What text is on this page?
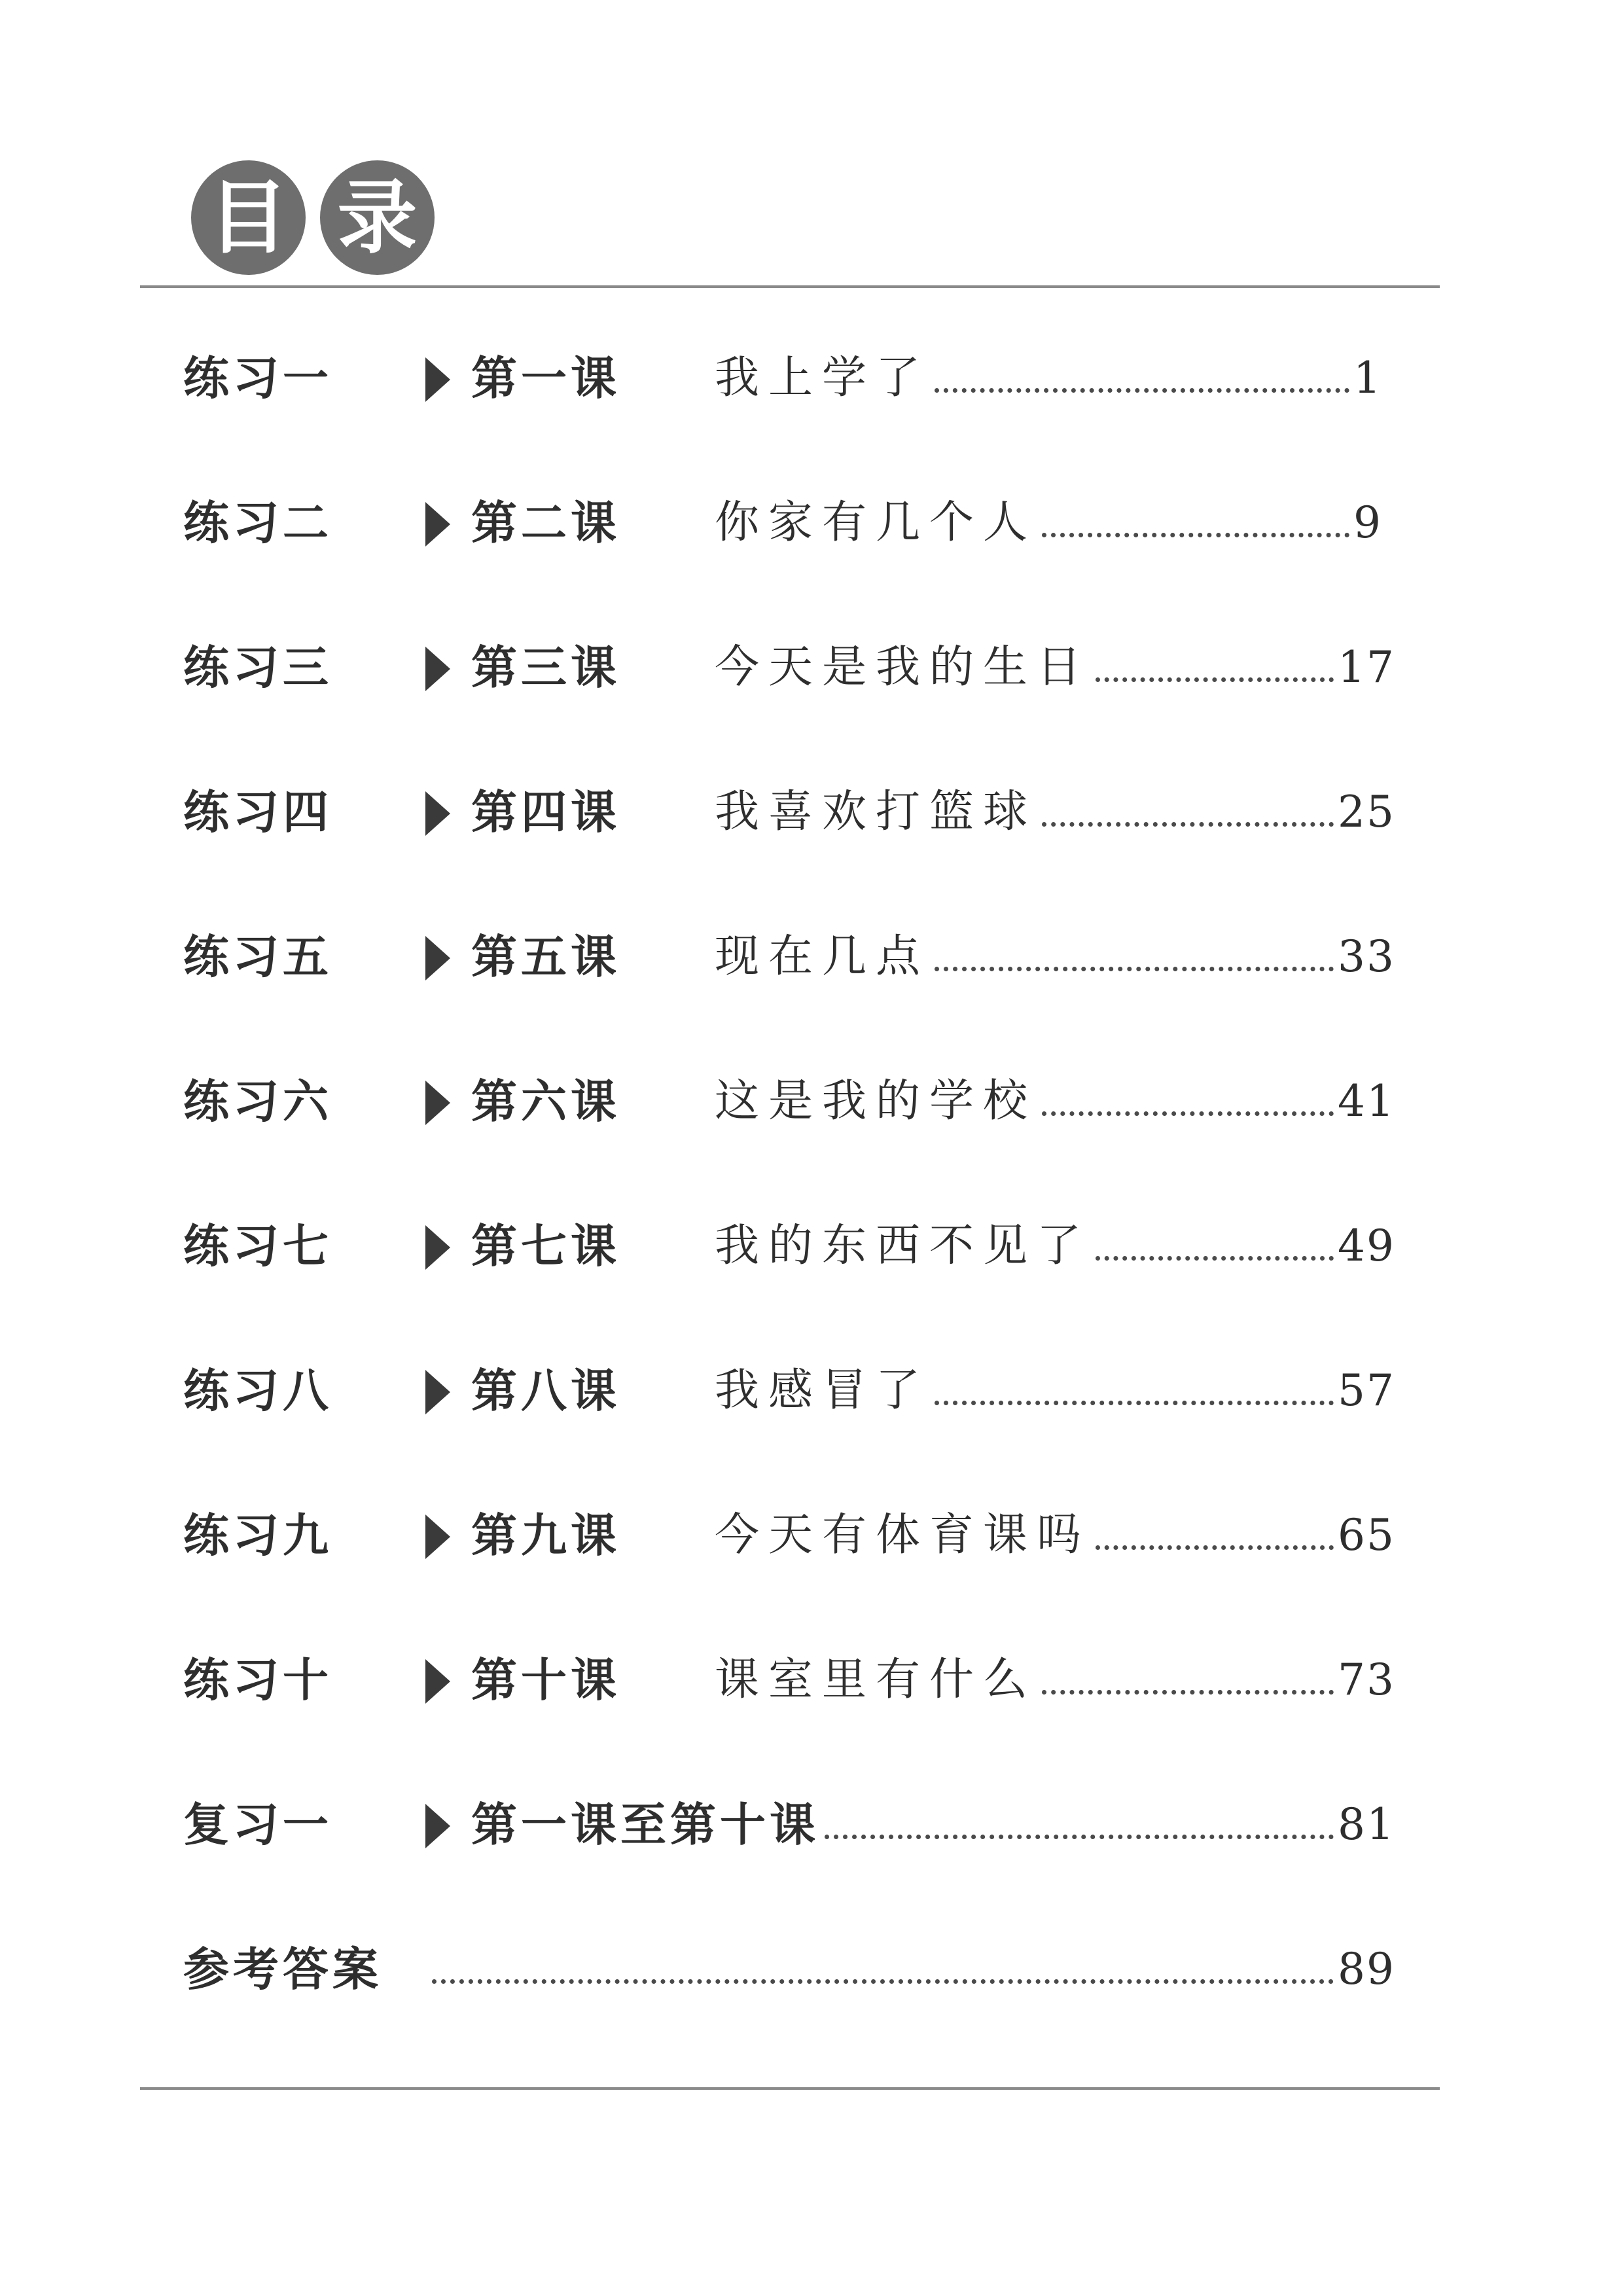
目 录
练习一	第一课 我上学了	1
练习二	第二课 你家有几个人	9
练习三	第三课 今天是我的生日	17
练习四	第四课 我喜欢打篮球	25
练习五	第五课 现在几点	33
练习六	第六课 这是我的学校	41
练习七	第七课 我的东西不见了	49
练习八	第八课 我感冒了	57
练习九	第九课 今天有体育课吗	65
练习十	第十课 课室里有什么	73
复习一	第一课至第十课	81
参考答案	89
